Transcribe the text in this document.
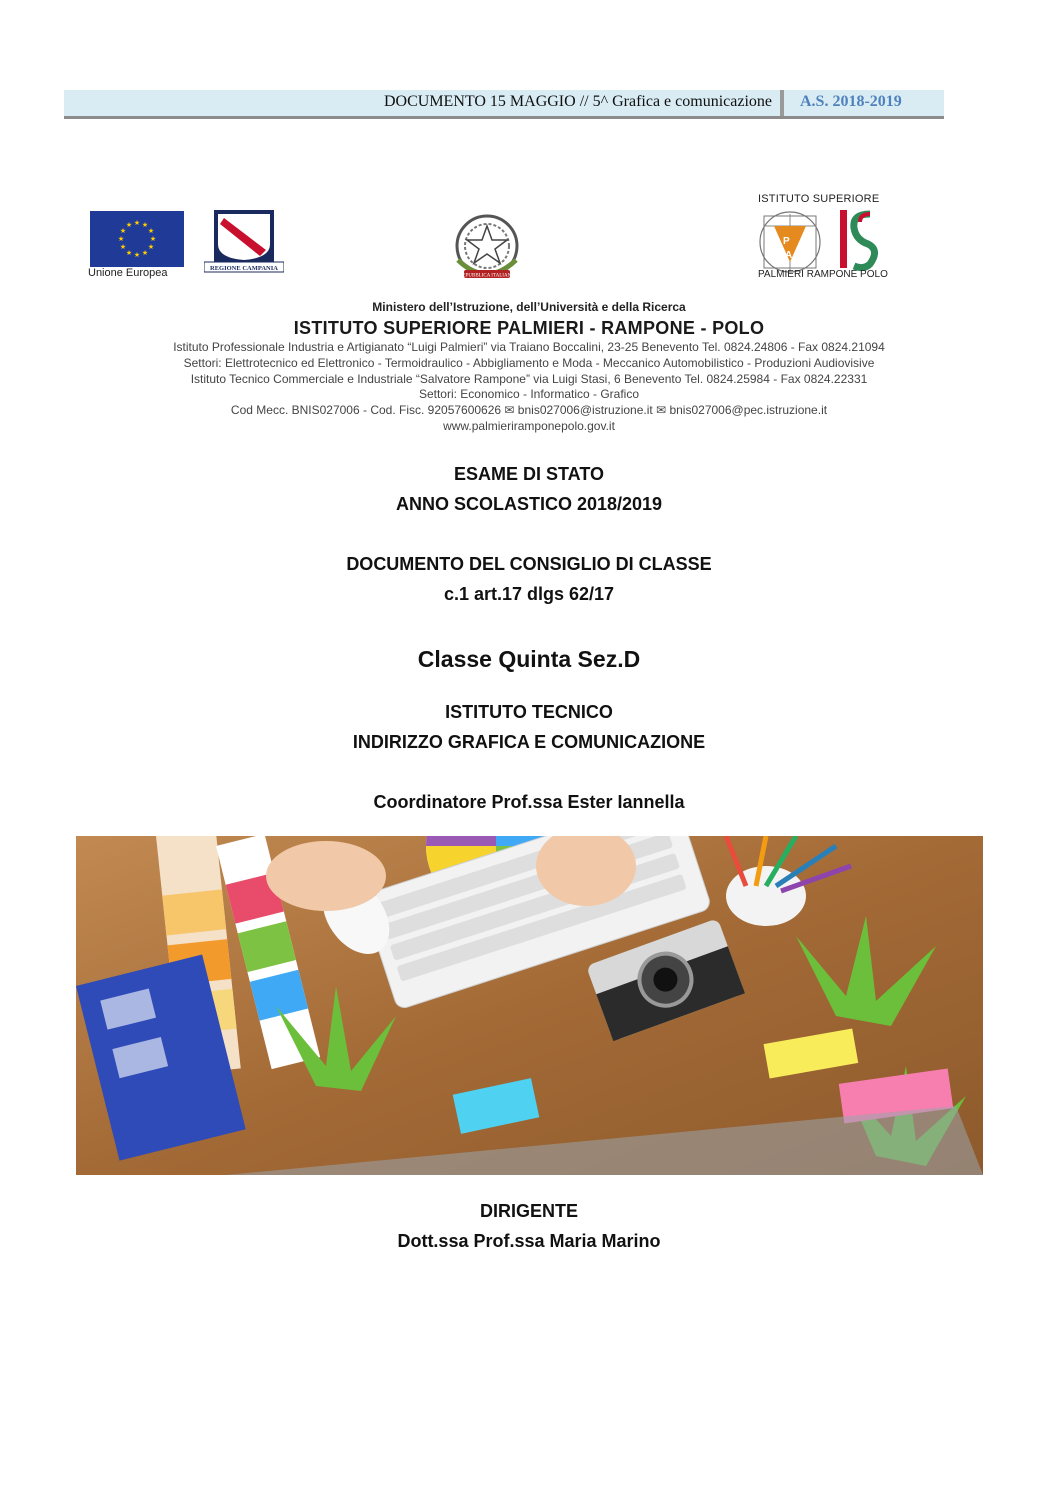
DOCUMENTO 15 MAGGIO // 5^ Grafica e comunicazione A.S. 2018-2019
★ ★
★
★
★
★
★
★
★
★
★
★
Unione Europea	REGIONE CAMPANIA
REPUBBLICA ITALIANA
P
A
ISTITUTO SUPERIORE
PALMIERI RAMPONE POLO
Ministero dell’Istruzione, dell’Università e della Ricerca
ISTITUTO SUPERIORE PALMIERI - RAMPONE - POLO
Istituto Professionale Industria e Artigianato “Luigi Palmieri” via Traiano Boccalini, 23-25 Benevento Tel. 0824.24806 - Fax 0824.21094
Settori: Elettrotecnico ed Elettronico - Termoidraulico - Abbigliamento e Moda - Meccanico Automobilistico - Produzioni Audiovisive
Istituto Tecnico Commerciale e Industriale “Salvatore Rampone” via Luigi Stasi, 6 Benevento Tel. 0824.25984 - Fax 0824.22331
Settori: Economico - Informatico - Grafico
Cod Mecc. BNIS027006 - Cod. Fisc. 92057600626 ✉ bnis027006@istruzione.it ✉ bnis027006@pec.istruzione.it
www.palmieriramponepolo.gov.it
ESAME DI STATO
ANNO SCOLASTICO 2018/2019
DOCUMENTO DEL CONSIGLIO DI CLASSE
c.1 art.17 dlgs 62/17
Classe Quinta Sez.D
ISTITUTO TECNICO
INDIRIZZO GRAFICA E COMUNICAZIONE
Coordinatore Prof.ssa Ester Iannella
DIRIGENTE
Dott.ssa Prof.ssa Maria Marino
